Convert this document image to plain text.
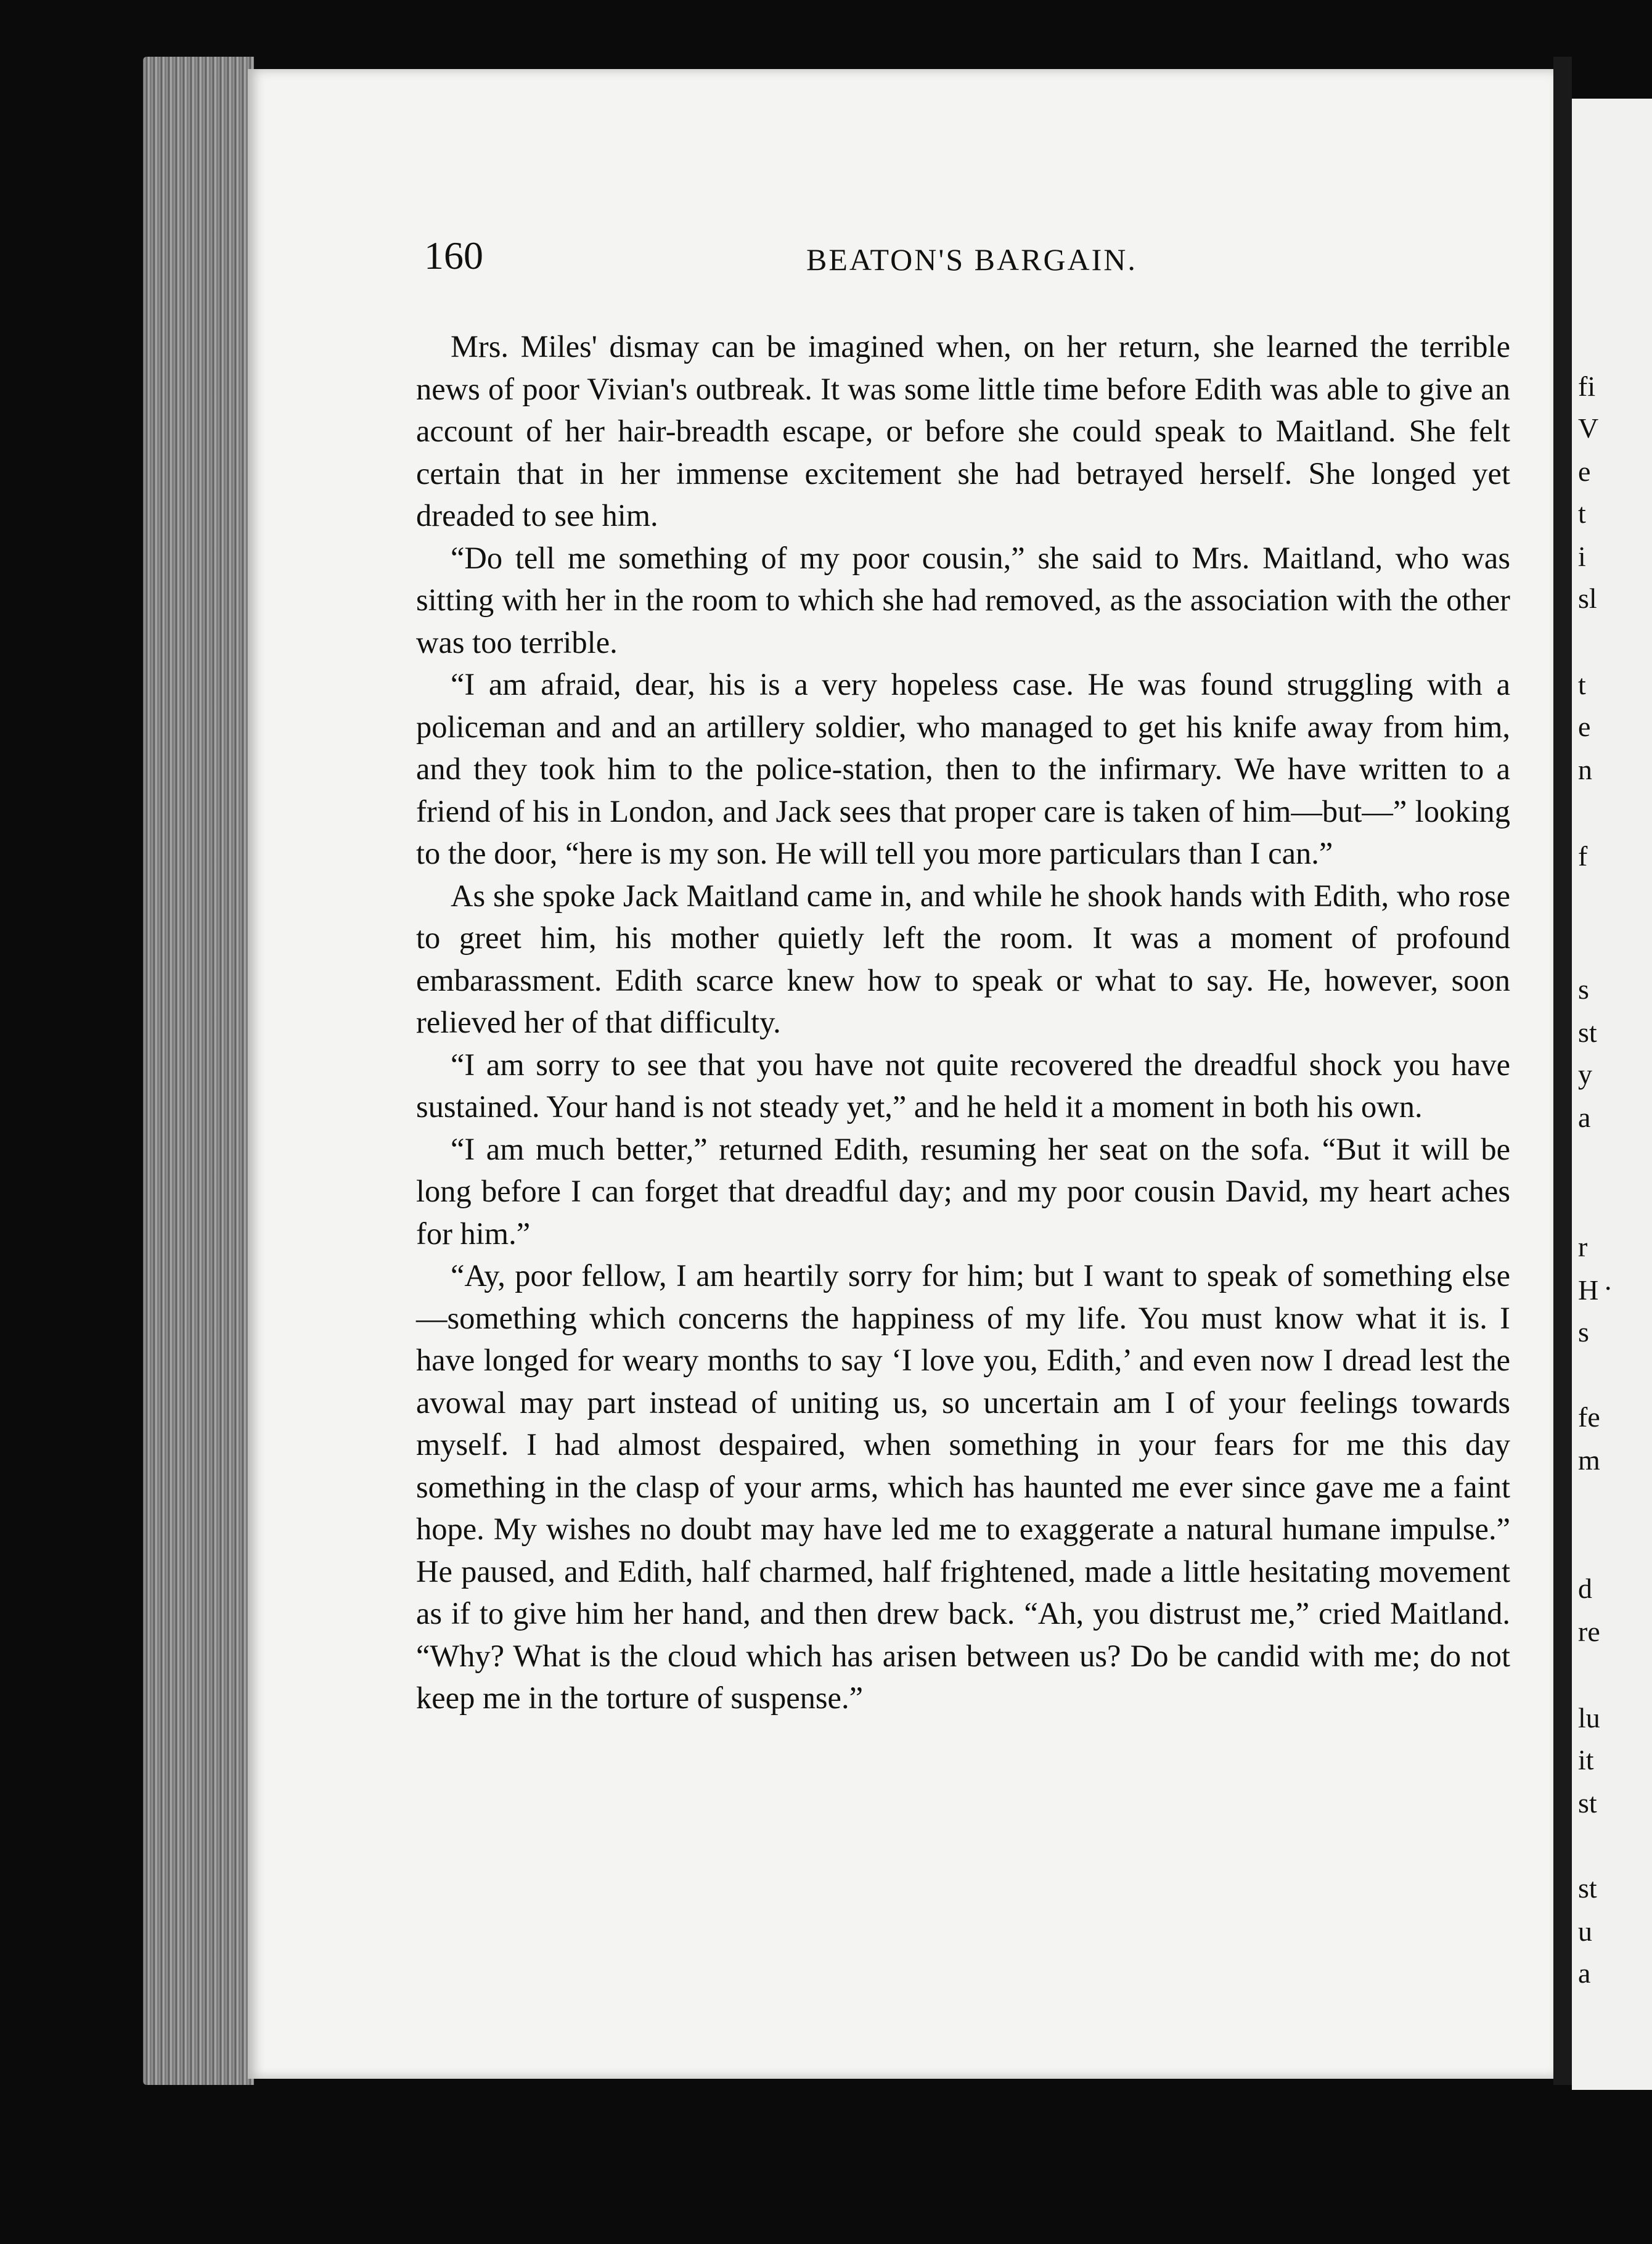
fi

V

e

t

i

sl

t

e

n

f

s

st

y

a

r

H

s

fe

m

d

re

lu

it

st

st

u

a

.
160	BEATON'S BARGAIN.

Mrs. Miles' dismay can be imagined when, on her return, she learned the terrible news of poor Vivian's outbreak. It was some little time before Edith was able to give an account of her hair-breadth escape, or before she could speak to Maitland. She felt certain that in her immense excitement she had betrayed herself. She longed yet dreaded to see him.

“Do tell me something of my poor cousin,” she said to Mrs. Maitland, who was sitting with her in the room to which she had removed, as the association with the other was too terrible.

“I am afraid, dear, his is a very hopeless case. He was found struggling with a policeman and and an artillery soldier, who managed to get his knife away from him, and they took him to the police-station, then to the infirmary. We have written to a friend of his in London, and Jack sees that proper care is taken of him—but—” looking to the door, “here is my son. He will tell you more particulars than I can.”

As she spoke Jack Maitland came in, and while he shook hands with Edith, who rose to greet him, his mother quietly left the room. It was a moment of profound embarassment. Edith scarce knew how to speak or what to say. He, however, soon relieved her of that difficulty.

“I am sorry to see that you have not quite recovered the dreadful shock you have sustained. Your hand is not steady yet,” and he held it a moment in both his own.

“I am much better,” returned Edith, resuming her seat on the sofa. “But it will be long before I can forget that dreadful day; and my poor cousin David, my heart aches for him.”

“Ay, poor fellow, I am heartily sorry for him; but I want to speak of something else—something which concerns the happiness of my life. You must know what it is. I have longed for weary months to say ‘I love you, Edith,’ and even now I dread lest the avowal may part instead of uniting us, so uncertain am I of your feelings towards myself. I had almost despaired, when something in your fears for me this day something in the clasp of your arms, which has haunted me ever since gave me a faint hope. My wishes no doubt may have led me to exaggerate a natural humane impulse.” He paused, and Edith, half charmed, half frightened, made a little hesitating movement as if to give him her hand, and then drew back. “Ah, you distrust me,” cried Maitland. “Why? What is the cloud which has arisen between us? Do be candid with me; do not keep me in the torture of suspense.”
